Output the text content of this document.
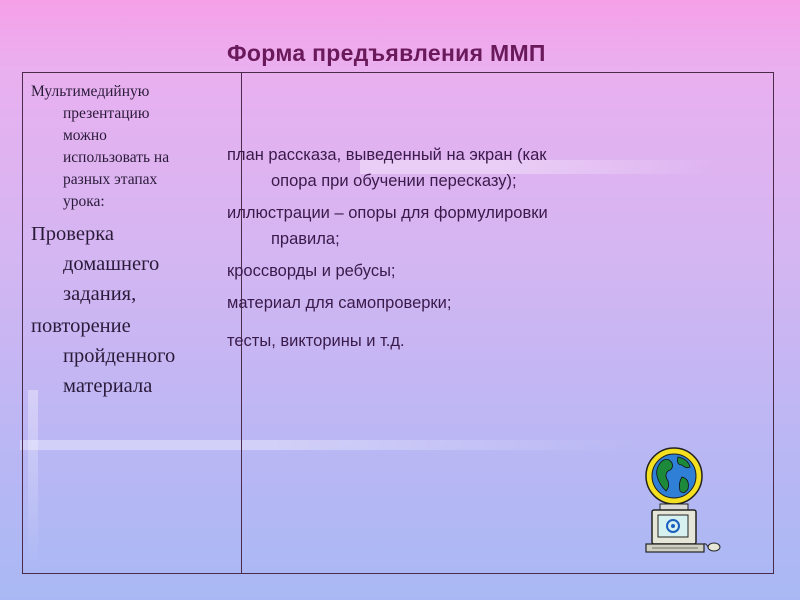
Мультимедийную
презентацию
можно
использовать на
разных этапах
урока:

Проверка
домашнего
задания,
повторение
пройденного
материала
Форма предъявления ММП

план рассказа, выведенный на экран (как
опора при обучении пересказу);

иллюстрации – опоры для формулировки
правила;

кроссворды и ребусы;

материал для самопроверки;

тесты, викторины и т.д.
